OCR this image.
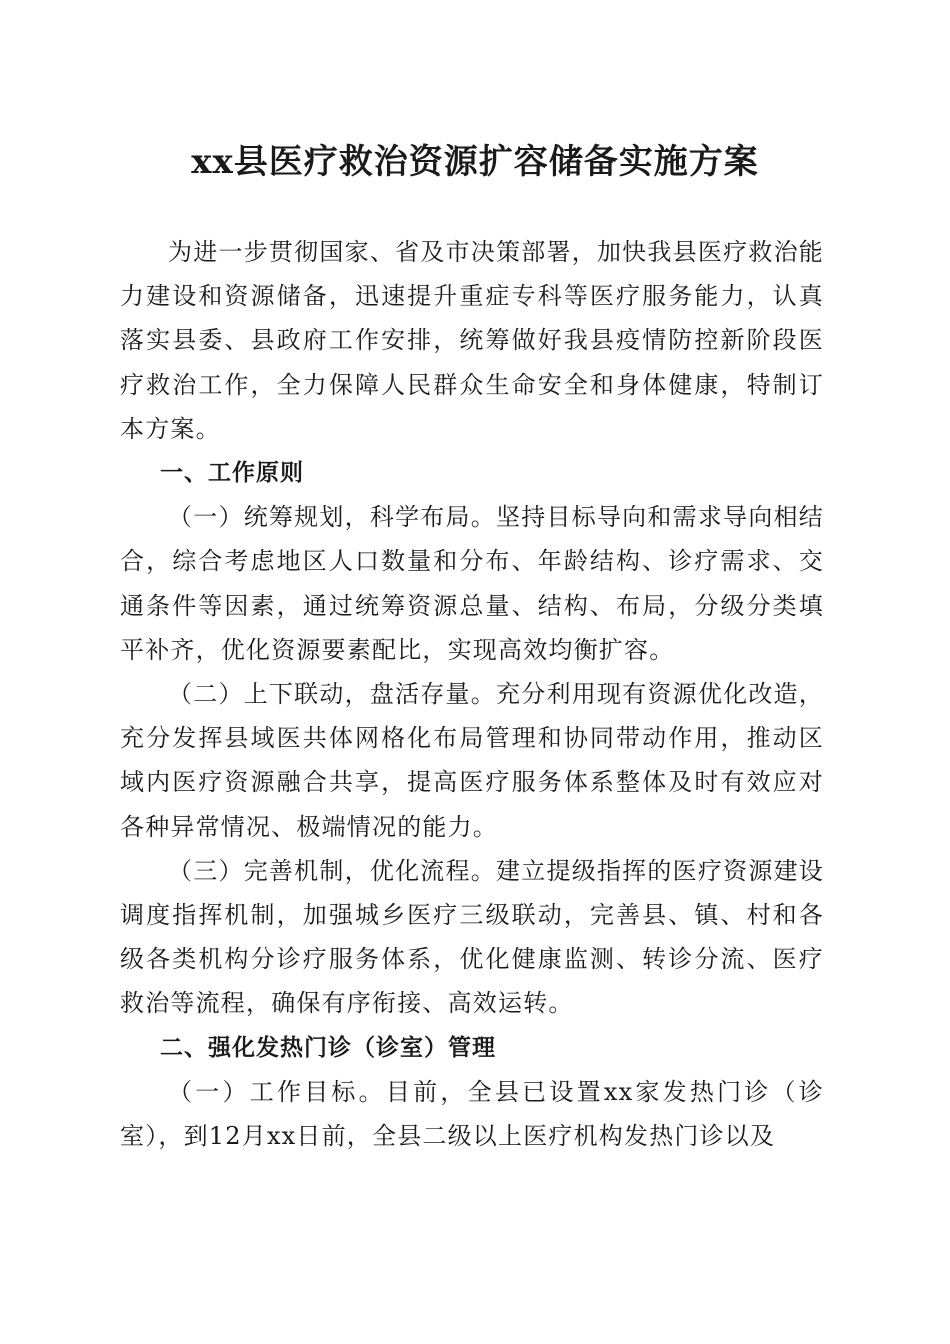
xx县医疗救治资源扩容储备实施方案

为进一步贯彻国家、省及市决策部署，加快我县医疗救治能力建设和资源储备，迅速提升重症专科等医疗服务能力，认真落实县委、县政府工作安排，统筹做好我县疫情防控新阶段医疗救治工作，全力保障人民群众生命安全和身体健康，特制订本方案。

一、工作原则

（一）统筹规划，科学布局。坚持目标导向和需求导向相结合，综合考虑地区人口数量和分布、年龄结构、诊疗需求、交通条件等因素，通过统筹资源总量、结构、布局，分级分类填平补齐，优化资源要素配比，实现高效均衡扩容。

（二）上下联动，盘活存量。充分利用现有资源优化改造，充分发挥县域医共体网格化布局管理和协同带动作用，推动区域内医疗资源融合共享，提高医疗服务体系整体及时有效应对各种异常情况、极端情况的能力。

（三）完善机制，优化流程。建立提级指挥的医疗资源建设调度指挥机制，加强城乡医疗三级联动，完善县、镇、村和各级各类机构分诊疗服务体系，优化健康监测、转诊分流、医疗救治等流程，确保有序衔接、高效运转。

二、强化发热门诊（诊室）管理

（一）工作目标。目前，全县已设置xx家发热门诊（诊室），到12月xx日前，全县二级以上医疗机构发热门诊以及
